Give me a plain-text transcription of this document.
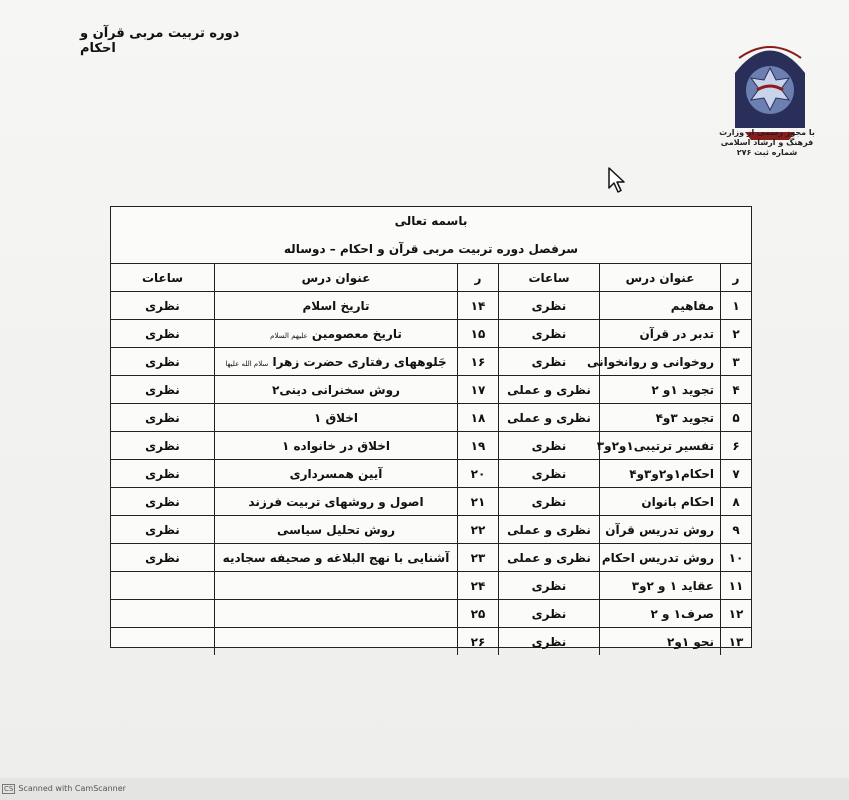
دوره تربیت مربی قرآن و احکام
با مجوز رسمی از وزارت
فرهنگ و ارشاد اسلامی
شماره ثبت ۲۷۶
باسمه تعالی
سرفصل دوره تربیت مربی قرآن و احکام – دوساله
ر	عنوان درس	ساعات	ر	عنوان درس	ساعات
۱	مفاهیم	نظری	۱۴	تاریخ اسلام	نظری
۲	تدبر در قرآن	نظری	۱۵	تاریخ معصومین علیهم السلام	نظری
۳	روخوانی و روانخوانی	نظری	۱۶	جَلوههای رفتاری حضرت زهرا سلام الله علیها	نظری
۴	تجوید ۱و ۲	نظری و عملی	۱۷	روش سخنرانی دینی۲	نظری
۵	تجوید ۳و۴	نظری و عملی	۱۸	اخلاق ۱	نظری
۶	تفسیر ترتیبی۱و۲و۳	نظری	۱۹	اخلاق در خانواده ۱	نظری
۷	احکام۱و۲و۳و۴	نظری	۲۰	آیین همسرداری	نظری
۸	احکام بانوان	نظری	۲۱	اصول و روشهای تربیت فرزند	نظری
۹	روش تدریس قرآن	نظری و عملی	۲۲	روش تحلیل سیاسی	نظری
۱۰	روش تدریس احکام	نظری و عملی	۲۳	آشنایی با نهج البلاغه و صحیفه سجادیه	نظری
۱۱	عقاید ۱ و ۲و۳	نظری	۲۴		
۱۲	صرف۱ و ۲	نظری	۲۵		
۱۳	نحو ۱و۲	نظری	۲۶		
CS Scanned with CamScanner
